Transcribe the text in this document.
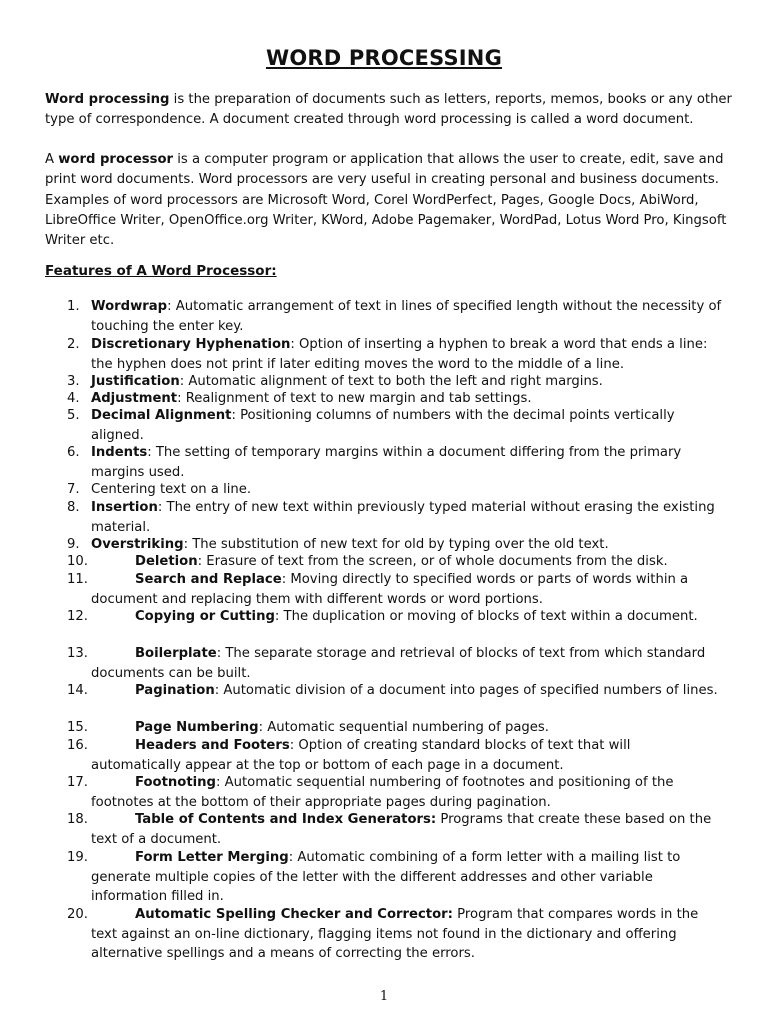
WORD PROCESSING
Word processing is the preparation of documents such as letters, reports, memos, books or any other type of correspondence. A document created through word processing is called a word document.
A word processor is a computer program or application that allows the user to create, edit, save and print word documents. Word processors are very useful in creating personal and business documents. Examples of word processors are Microsoft Word, Corel WordPerfect, Pages, Google Docs, AbiWord, LibreOffice Writer, OpenOffice.org Writer, KWord, Adobe Pagemaker, WordPad, Lotus Word Pro, Kingsoft Writer etc.
Features of A Word Processor:
1. Wordwrap: Automatic arrangement of text in lines of specified length without the necessity of touching the enter key.
2. Discretionary Hyphenation: Option of inserting a hyphen to break a word that ends a line: the hyphen does not print if later editing moves the word to the middle of a line.
3. Justification: Automatic alignment of text to both the left and right margins.
4. Adjustment: Realignment of text to new margin and tab settings.
5. Decimal Alignment: Positioning columns of numbers with the decimal points vertically aligned.
6. Indents: The setting of temporary margins within a document differing from the primary margins used.
7. Centering text on a line.
8. Insertion: The entry of new text within previously typed material without erasing the existing material.
9. Overstriking: The substitution of new text for old by typing over the old text.
10.	Deletion: Erasure of text from the screen, or of whole documents from the disk.
11.	Search and Replace: Moving directly to specified words or parts of words within a document and replacing them with different words or word portions.
12.	Copying or Cutting: The duplication or moving of blocks of text within a document.
13.	Boilerplate: The separate storage and retrieval of blocks of text from which standard documents can be built.
14.	Pagination: Automatic division of a document into pages of specified numbers of lines.
15.	Page Numbering: Automatic sequential numbering of pages.
16.	Headers and Footers: Option of creating standard blocks of text that will
automatically appear at the top or bottom of each page in a document.
17.	Footnoting: Automatic sequential numbering of footnotes and positioning of the footnotes at the bottom of their appropriate pages during pagination.
18.	Table of Contents and Index Generators: Programs that create these based on the text of a document.
19.	Form Letter Merging: Automatic combining of a form letter with a mailing list to
generate multiple copies of the letter with the different addresses and other variable information filled in.
20.	Automatic Spelling Checker and Corrector: Program that compares words in the text against an on-line dictionary, flagging items not found in the dictionary and offering alternative spellings and a means of correcting the errors.
1
